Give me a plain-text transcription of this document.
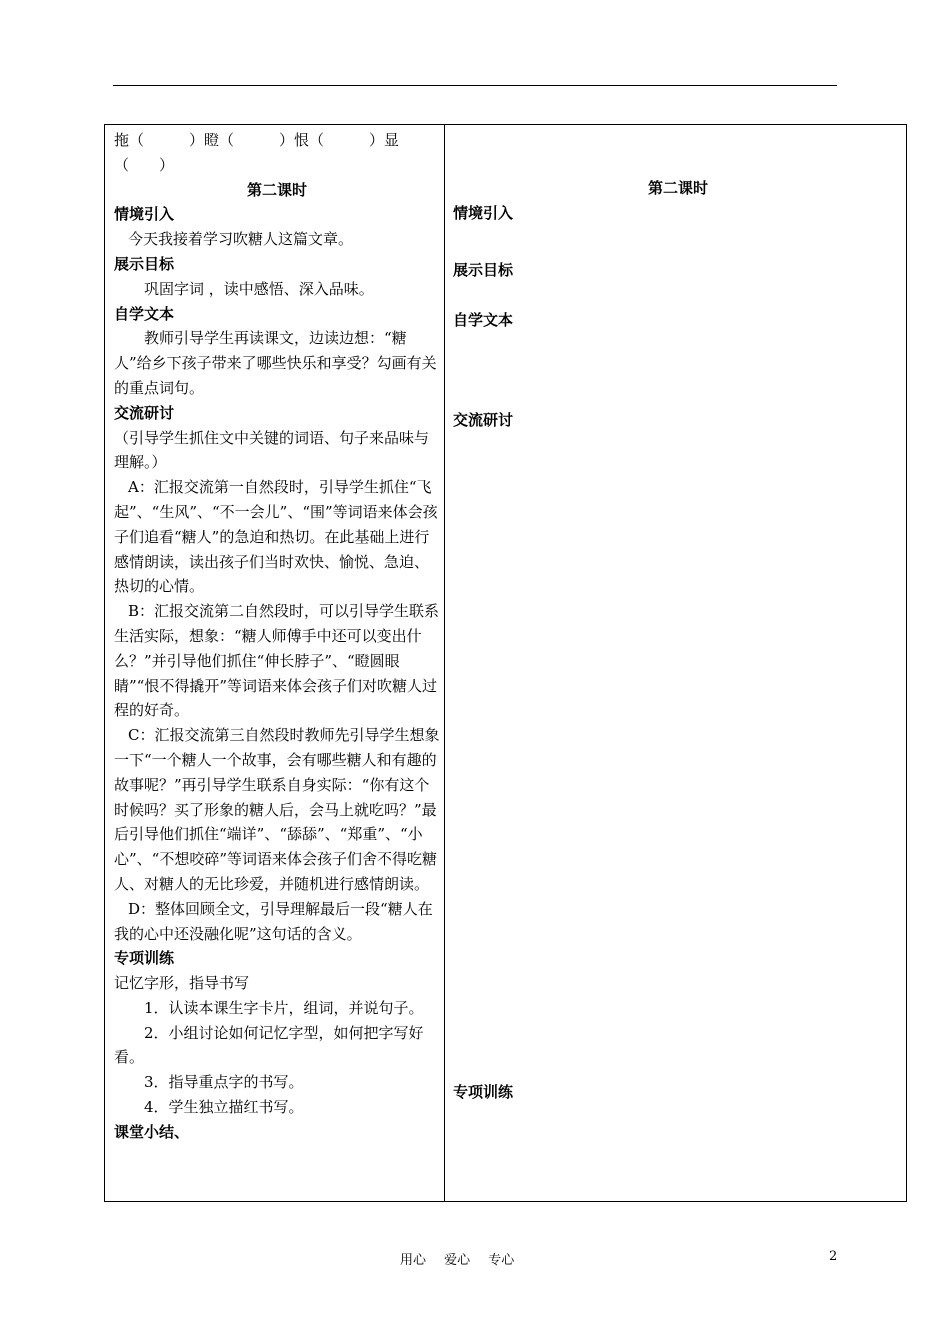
拖（　　　）瞪（　　　）恨（　　　）显（　　）

第二课时

情境引入

今天我接着学习吹糖人这篇文章。

展示目标

巩固字词 ，读中感悟、深入品味。

自学文本

教师引导学生再读课文，边读边想：“糖人”给乡下孩子带来了哪些快乐和享受？勾画有关的重点词句。

交流研讨

（引导学生抓住文中关键的词语、句子来品味与理解。）

A：汇报交流第一自然段时，引导学生抓住“飞起”、“生风”、“不一会儿”、“围”等词语来体会孩子们追看“糖人”的急迫和热切。在此基础上进行感情朗读，读出孩子们当时欢快、愉悦、急迫、热切的心情。

B：汇报交流第二自然段时，可以引导学生联系生活实际，想象：“糖人师傅手中还可以变出什么？”并引导他们抓住“伸长脖子”、“瞪圆眼睛”“恨不得撬开”等词语来体会孩子们对吹糖人过程的好奇。

C：汇报交流第三自然段时教师先引导学生想象一下“一个糖人一个故事，会有哪些糖人和有趣的故事呢？”再引导学生联系自身实际：“你有这个时候吗？买了形象的糖人后，会马上就吃吗？”最后引导他们抓住“端详”、“舔舔”、“郑重”、“小心”、“不想咬碎”等词语来体会孩子们舍不得吃糖人、对糖人的无比珍爱，并随机进行感情朗读。

D：整体回顾全文，引导理解最后一段“糖人在我的心中还没融化呢”这句话的含义。

专项训练

记忆字形，指导书写

1．认读本课生字卡片，组词，并说句子。

2．小组讨论如何记忆字型，如何把字写好看。

3．指导重点字的书写。

4．学生独立描红书写。

课堂小结、

第二课时

情境引入

展示目标

自学文本

交流研讨

专项训练

用心 爱心 专心	2
